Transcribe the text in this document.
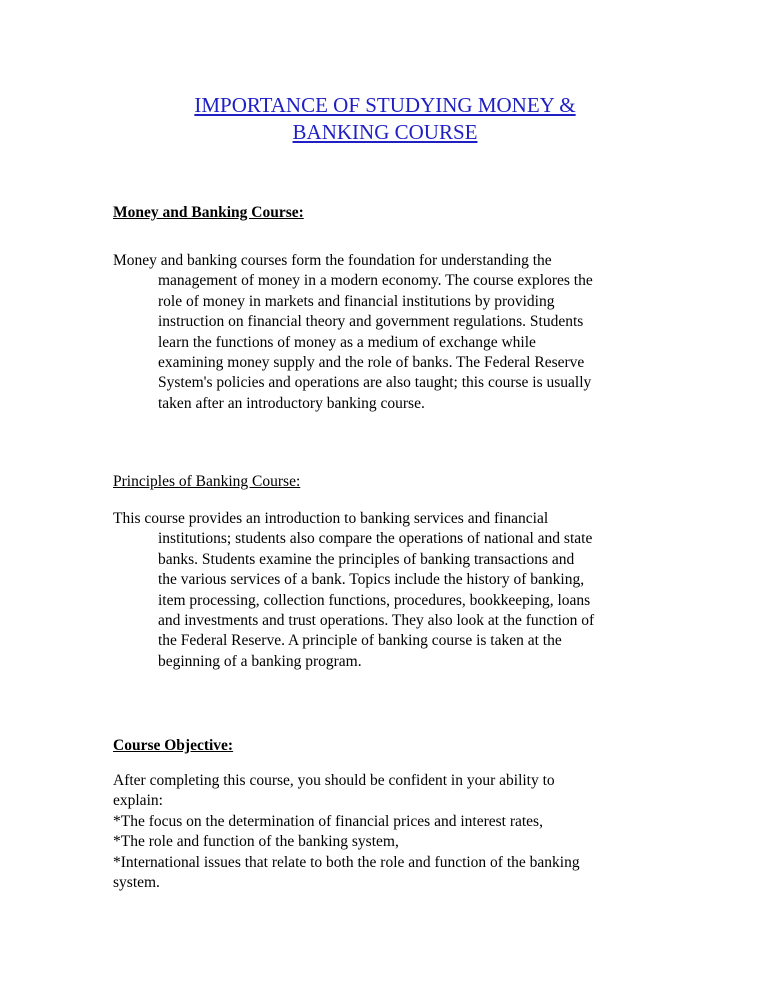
IMPORTANCE OF STUDYING MONEY &
BANKING COURSE
Money and Banking Course:
Money and banking courses form the foundation for understanding the
management of money in a modern economy. The course explores the
role of money in markets and financial institutions by providing
instruction on financial theory and government regulations. Students
learn the functions of money as a medium of exchange while
examining money supply and the role of banks. The Federal Reserve
System's policies and operations are also taught; this course is usually
taken after an introductory banking course.
Principles of Banking Course:
This course provides an introduction to banking services and financial
institutions; students also compare the operations of national and state
banks. Students examine the principles of banking transactions and
the various services of a bank. Topics include the history of banking,
item processing, collection functions, procedures, bookkeeping, loans
and investments and trust operations. They also look at the function of
the Federal Reserve. A principle of banking course is taken at the
beginning of a banking program.
Course Objective:
After completing this course, you should be confident in your ability to
explain:
*The focus on the determination of financial prices and interest rates,
*The role and function of the banking system,
*International issues that relate to both the role and function of the banking
system.
